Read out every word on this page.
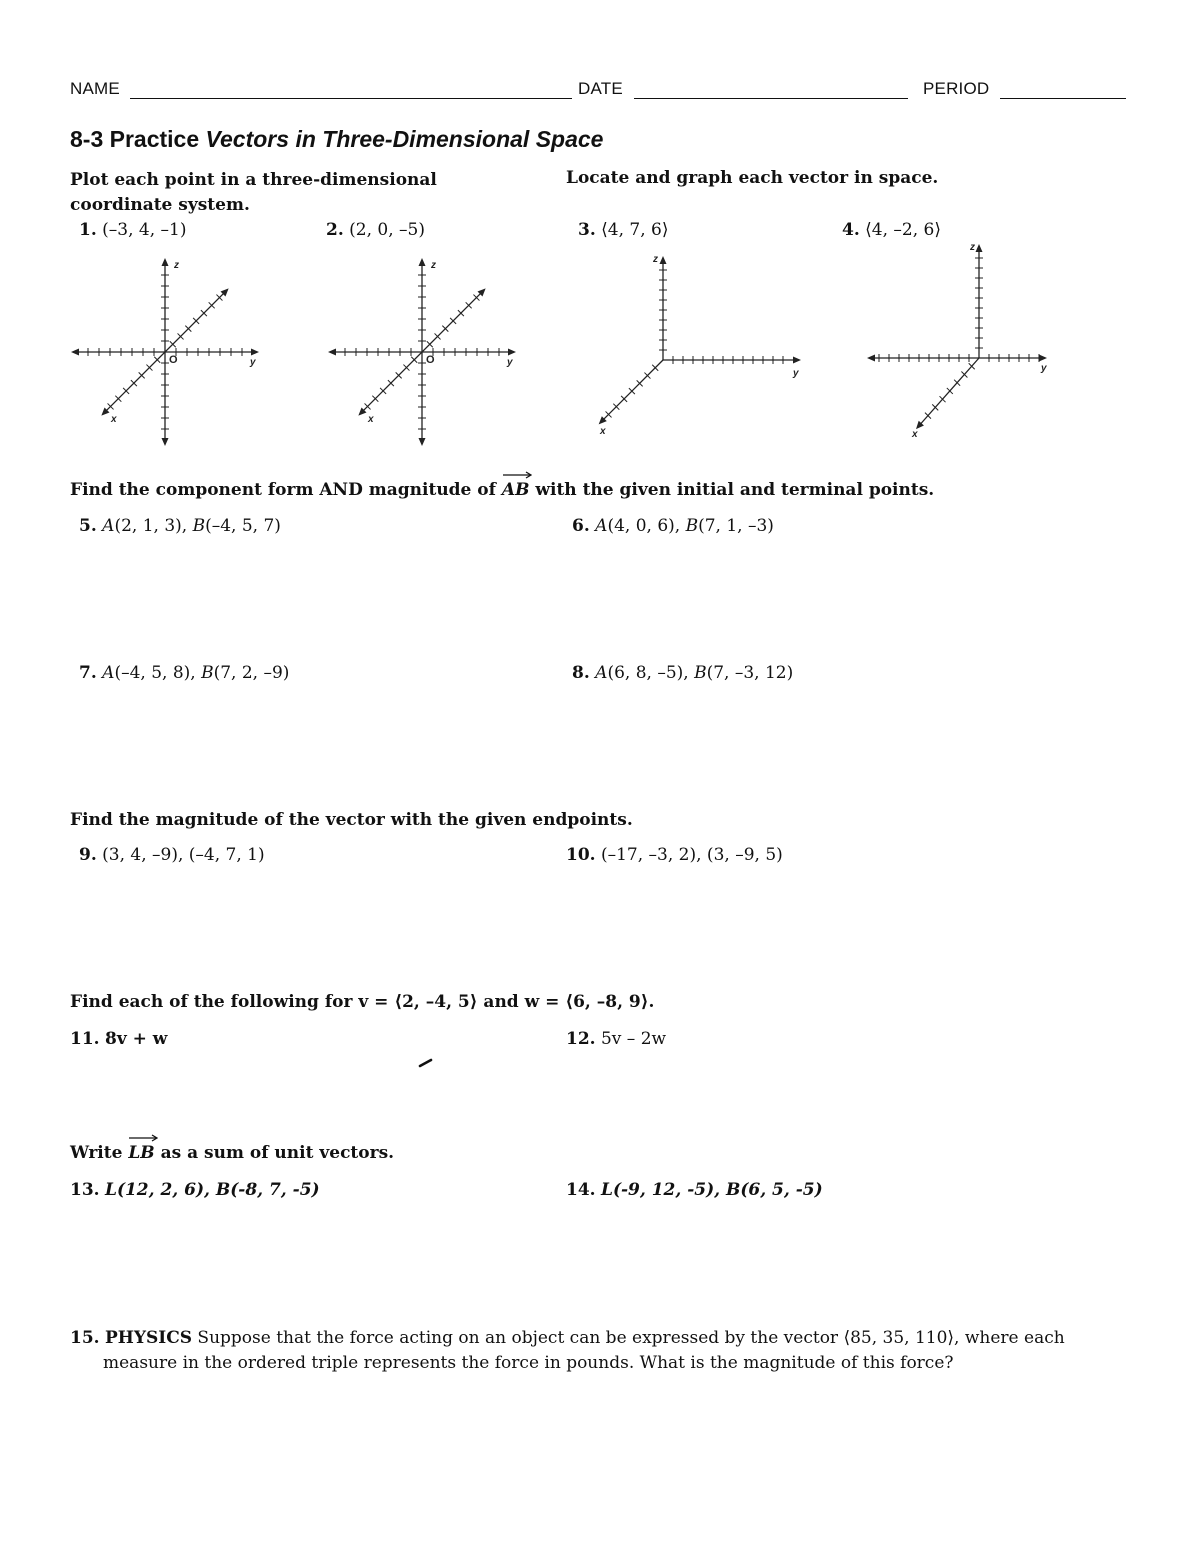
NAME	DATE	PERIOD
8-3 Practice Vectors in Three-Dimensional Space
Plot each point in a three-dimensional
coordinate system.
Locate and graph each vector in space.
1. (–3, 4, –1)	2. (2, 0, –5)	3. ⟨4, 7, 6⟩	4. ⟨4, –2, 6⟩
z
y
x
O
z
y
x
O
z
y
x
z
y
x
Find the component form AND magnitude of
AB with the given initial and terminal points.
5. A(2, 1, 3), B(–4, 5, 7)	6. A(4, 0, 6), B(7, 1, –3)
7. A(–4, 5, 8), B(7, 2, –9)	8. A(6, 8, –5), B(7, –3, 12)
Find the magnitude of the vector with the given endpoints.
9. (3, 4, –9), (–4, 7, 1)	10. (–17, –3, 2), (3, –9, 5)
Find each of the following for v = ⟨2, –4, 5⟩ and w = ⟨6, –8, 9⟩.
11. 8v + w	12. 5v – 2w
Write
LB as a sum of unit vectors.
13. L(12, 2, 6), B(-8, 7, -5)	14. L(-9, 12, -5), B(6, 5, -5)
15. PHYSICS Suppose that the force acting on an object can be expressed by the vector ⟨85, 35, 110⟩, where each
measure in the ordered triple represents the force in pounds. What is the magnitude of this force?
